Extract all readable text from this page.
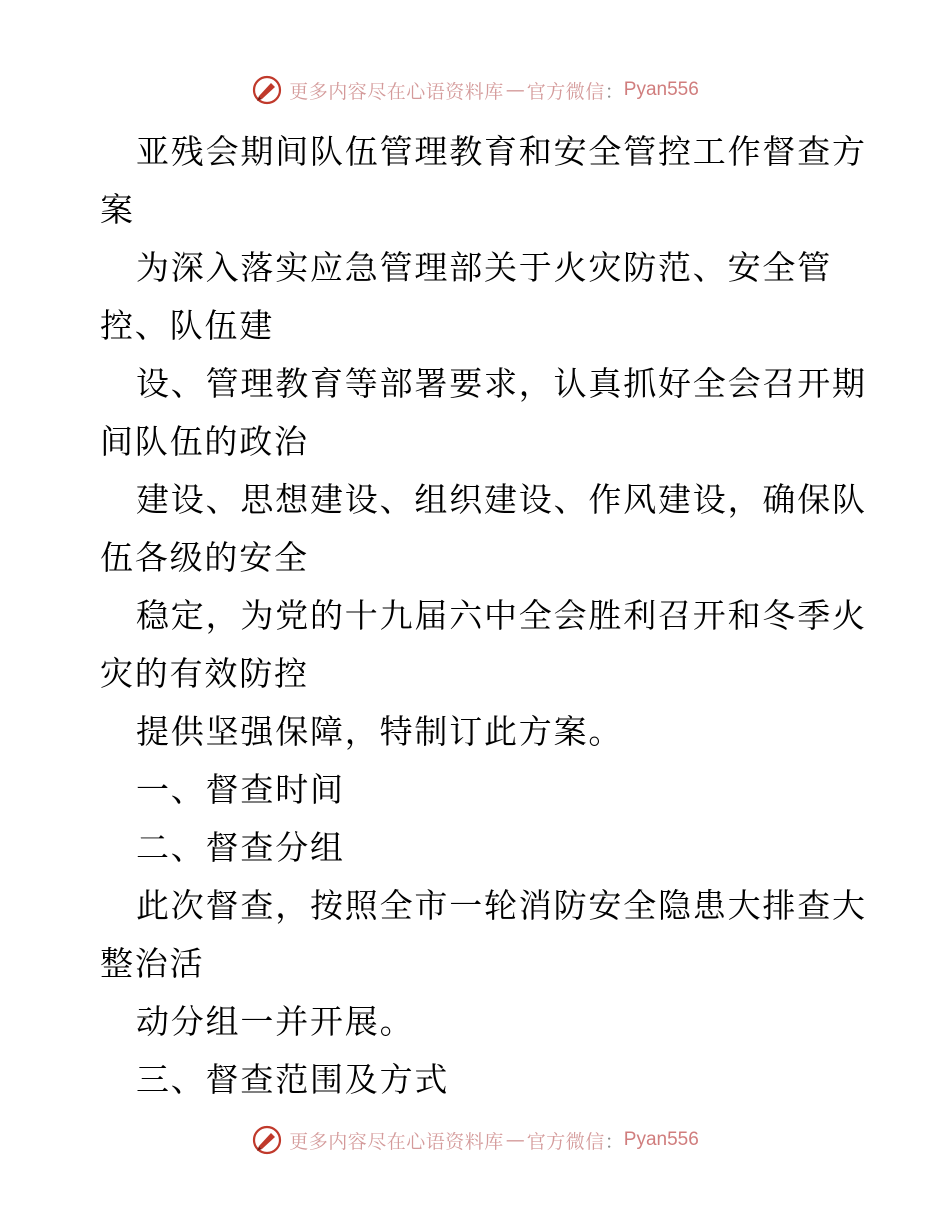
更多内容尽在心语资料库 — 官方微信 ： Pyan556
亚残会期间队伍管理教育和安全管控工作督查方
案
为深入落实应急管理部关于火灾防范、安全管
控、队伍建
设、管理教育等部署要求，认真抓好全会召开期
间队伍的政治
建设、思想建设、组织建设、作风建设，确保队
伍各级的安全
稳定，为党的十九届六中全会胜利召开和冬季火
灾的有效防控
提供坚强保障，特制订此方案。
一、督查时间
二、督查分组
此次督查，按照全市一轮消防安全隐患大排查大
整治活
动分组一并开展。
三、督查范围及方式
更多内容尽在心语资料库 — 官方微信 ： Pyan556
